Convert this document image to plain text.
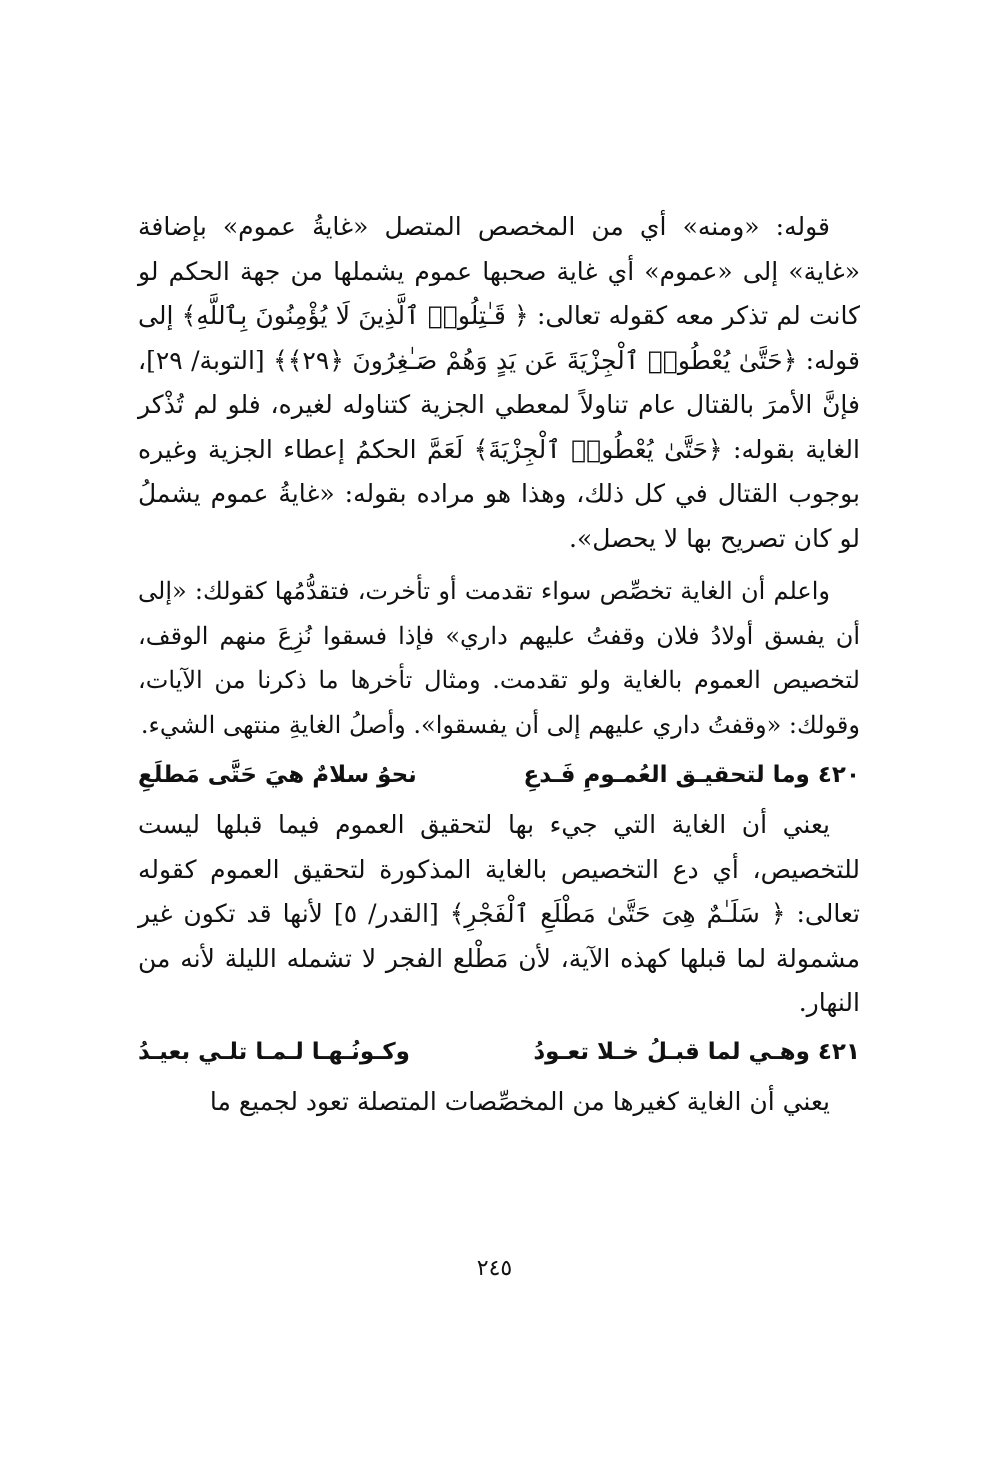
قوله: «ومنه» أي من المخصص المتصل «غايةُ عموم» بإضافة «غاية» إلى «عموم» أي غاية صحبها عموم يشملها من جهة الحكم لو كانت لم تذكر معه كقوله تعالى: ﴿ قَـٰتِلُوا۟ ٱلَّذِينَ لَا يُؤْمِنُونَ بِٱللَّهِ﴾ إلى قوله: ﴿حَتَّىٰ يُعْطُوا۟ ٱلْجِزْيَةَ عَن يَدٍ وَهُمْ صَـٰغِرُونَ ﴿٢٩﴾﴾ [التوبة/ ٢٩]، فإنَّ الأمرَ بالقتال عام تناولاً لمعطي الجزية كتناوله لغيره، فلو لم تُذْكر الغاية بقوله: ﴿حَتَّىٰ يُعْطُوا۟ ٱلْجِزْيَةَ﴾ لَعَمَّ الحكمُ إعطاء الجزية وغيره بوجوب القتال في كل ذلك، وهذا هو مراده بقوله: «غايةُ عموم يشملُ لو كان تصريح بها لا يحصل».

واعلم أن الغاية تخصِّص سواء تقدمت أو تأخرت، فتقدُّمُها كقولك: «إلى أن يفسق أولادُ فلان وقفتُ عليهم داري» فإذا فسقوا نُزِعَ منهم الوقف، لتخصيص العموم بالغاية ولو تقدمت. ومثال تأخرها ما ذكرنا من الآيات، وقولك: «وقفتُ داري عليهم إلى أن يفسقوا». وأصلُ الغايةِ منتهى الشيء.

٤٢٠ وما لتحقيـق العُمـومِ فَـدعِ
نحوُ سلامٌ هيَ حَتَّى مَطلَعِ

يعني أن الغاية التي جيء بها لتحقيق العموم فيما قبلها ليست للتخصيص، أي دع التخصيص بالغاية المذكورة لتحقيق العموم كقوله تعالى: ﴿ سَلَـٰمٌ هِىَ حَتَّىٰ مَطْلَعِ ٱلْفَجْرِ﴾ [القدر/ ٥] لأنها قد تكون غير مشمولة لما قبلها كهذه الآية، لأن مَطْلع الفجر لا تشمله الليلة لأنه من النهار.

٤٢١ وهـي لما قبـلُ خـلا تعـودُ
وكـونُـهـا لـمـا تلـي بعيـدُ

يعني أن الغاية كغيرها من المخصِّصات المتصلة تعود لجميع ما

٢٤٥
